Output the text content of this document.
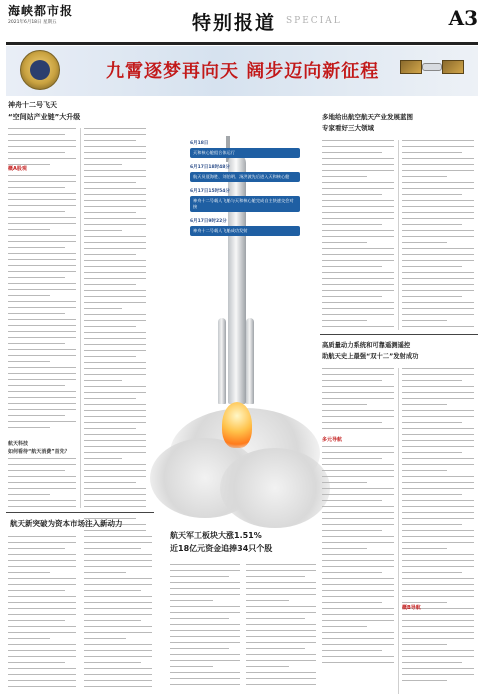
海峡都市报
2021年6月18日 星期五	特别报道 SPECIAL	A3
九霄逐梦再向天 阔步迈向新征程
神舟十二号飞天
“空间站产业链”大升级
概A股观
航天科技
如何看待“航天消费”首先？
6月18日
天和核心舱组合体运行
6月17日18时48分
航天员聂海胜、刘伯明、汤洪波先后进入天和核心舱
6月17日15时54分
神舟十二号载人飞船与天和核心舱完成自主快速交会对接
6月17日9时22分
神舟十二号载人飞船成功发射
多地给出航空航天产业发展蓝图
专家看好三大领域
高质量动力系统和可靠遥测遥控
助航天史上最强“双十二”发射成功
多元导航
概B导航
航天新突破为资本市场注入新动力
航天军工板块大涨1.51%
近18亿元资金追捧34只个股
